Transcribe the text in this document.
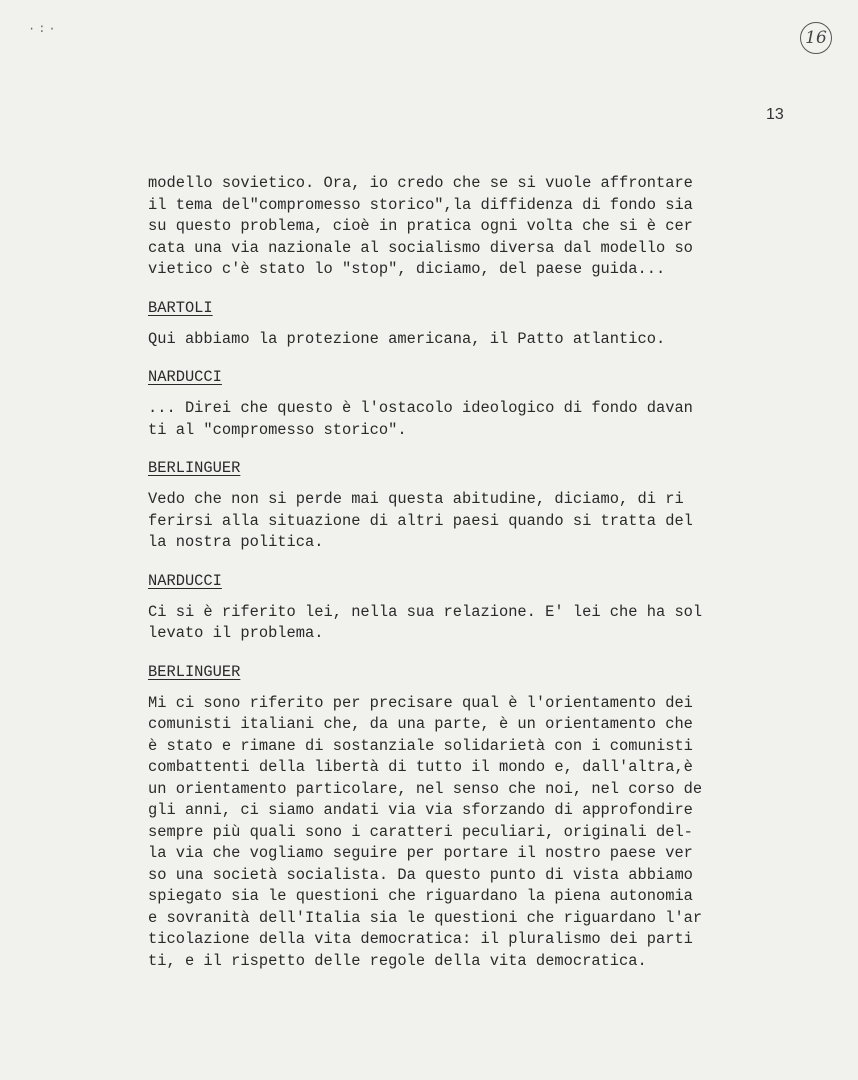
·:·	16
13
modello sovietico. Ora, io credo che se si vuole affrontare
il tema del"compromesso storico",la diffidenza di fondo sia
su questo problema, cioè in pratica ogni volta che si è cer
cata una via nazionale al socialismo diversa dal modello so
vietico c'è stato lo "stop", diciamo, del paese guida...
BARTOLI
Qui abbiamo la protezione americana, il Patto atlantico.
NARDUCCI
... Direi che questo è l'ostacolo ideologico di fondo davan
ti al "compromesso storico".
BERLINGUER
Vedo che non si perde mai questa abitudine, diciamo, di ri
ferirsi alla situazione di altri paesi quando si tratta del
la nostra politica.
NARDUCCI
Ci si è riferito lei, nella sua relazione. E' lei che ha sol
levato il problema.
BERLINGUER
Mi ci sono riferito per precisare qual è l'orientamento dei
comunisti italiani che, da una parte, è un orientamento che
è stato e rimane di sostanziale solidarietà con i comunisti
combattenti della libertà di tutto il mondo e, dall'altra,è
un orientamento particolare, nel senso che noi, nel corso de
gli anni, ci siamo andati via via sforzando di approfondire
sempre più quali sono i caratteri peculiari, originali del-
la via che vogliamo seguire per portare il nostro paese ver
so una società socialista. Da questo punto di vista abbiamo
spiegato sia le questioni che riguardano la piena autonomia
e sovranità dell'Italia sia le questioni che riguardano l'ar
ticolazione della vita democratica: il pluralismo dei parti
ti, e il rispetto delle regole della vita democratica.
